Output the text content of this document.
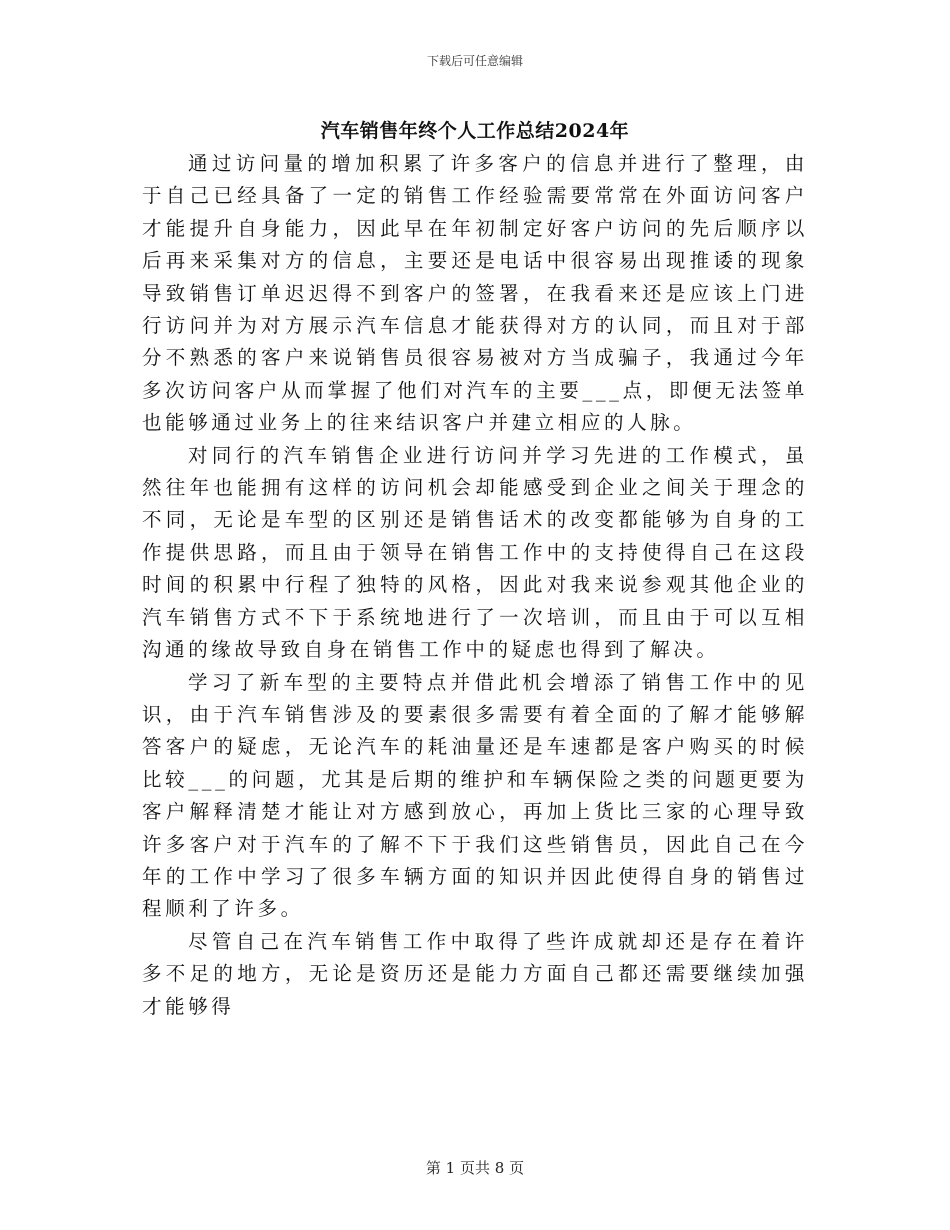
下载后可任意编辑
汽车销售年终个人工作总结2024年

通过访问量的增加积累了许多客户的信息并进行了整理，由于自己已经具备了一定的销售工作经验需要常常在外面访问客户才能提升自身能力，因此早在年初制定好客户访问的先后顺序以后再来采集对方的信息，主要还是电话中很容易出现推诿的现象导致销售订单迟迟得不到客户的签署，在我看来还是应该上门进行访问并为对方展示汽车信息才能获得对方的认同，而且对于部分不熟悉的客户来说销售员很容易被对方当成骗子，我通过今年多次访问客户从而掌握了他们对汽车的主要___点，即便无法签单也能够通过业务上的往来结识客户并建立相应的人脉。

对同行的汽车销售企业进行访问并学习先进的工作模式，虽然往年也能拥有这样的访问机会却能感受到企业之间关于理念的不同，无论是车型的区别还是销售话术的改变都能够为自身的工作提供思路，而且由于领导在销售工作中的支持使得自己在这段时间的积累中行程了独特的风格，因此对我来说参观其他企业的汽车销售方式不下于系统地进行了一次培训，而且由于可以互相沟通的缘故导致自身在销售工作中的疑虑也得到了解决。

学习了新车型的主要特点并借此机会增添了销售工作中的见识，由于汽车销售涉及的要素很多需要有着全面的了解才能够解答客户的疑虑，无论汽车的耗油量还是车速都是客户购买的时候比较___的问题，尤其是后期的维护和车辆保险之类的问题更要为客户解释清楚才能让对方感到放心，再加上货比三家的心理导致许多客户对于汽车的了解不下于我们这些销售员，因此自己在今年的工作中学习了很多车辆方面的知识并因此使得自身的销售过程顺利了许多。

尽管自己在汽车销售工作中取得了些许成就却还是存在着许多不足的地方，无论是资历还是能力方面自己都还需要继续加强才能够得

第 1 页共 8 页
